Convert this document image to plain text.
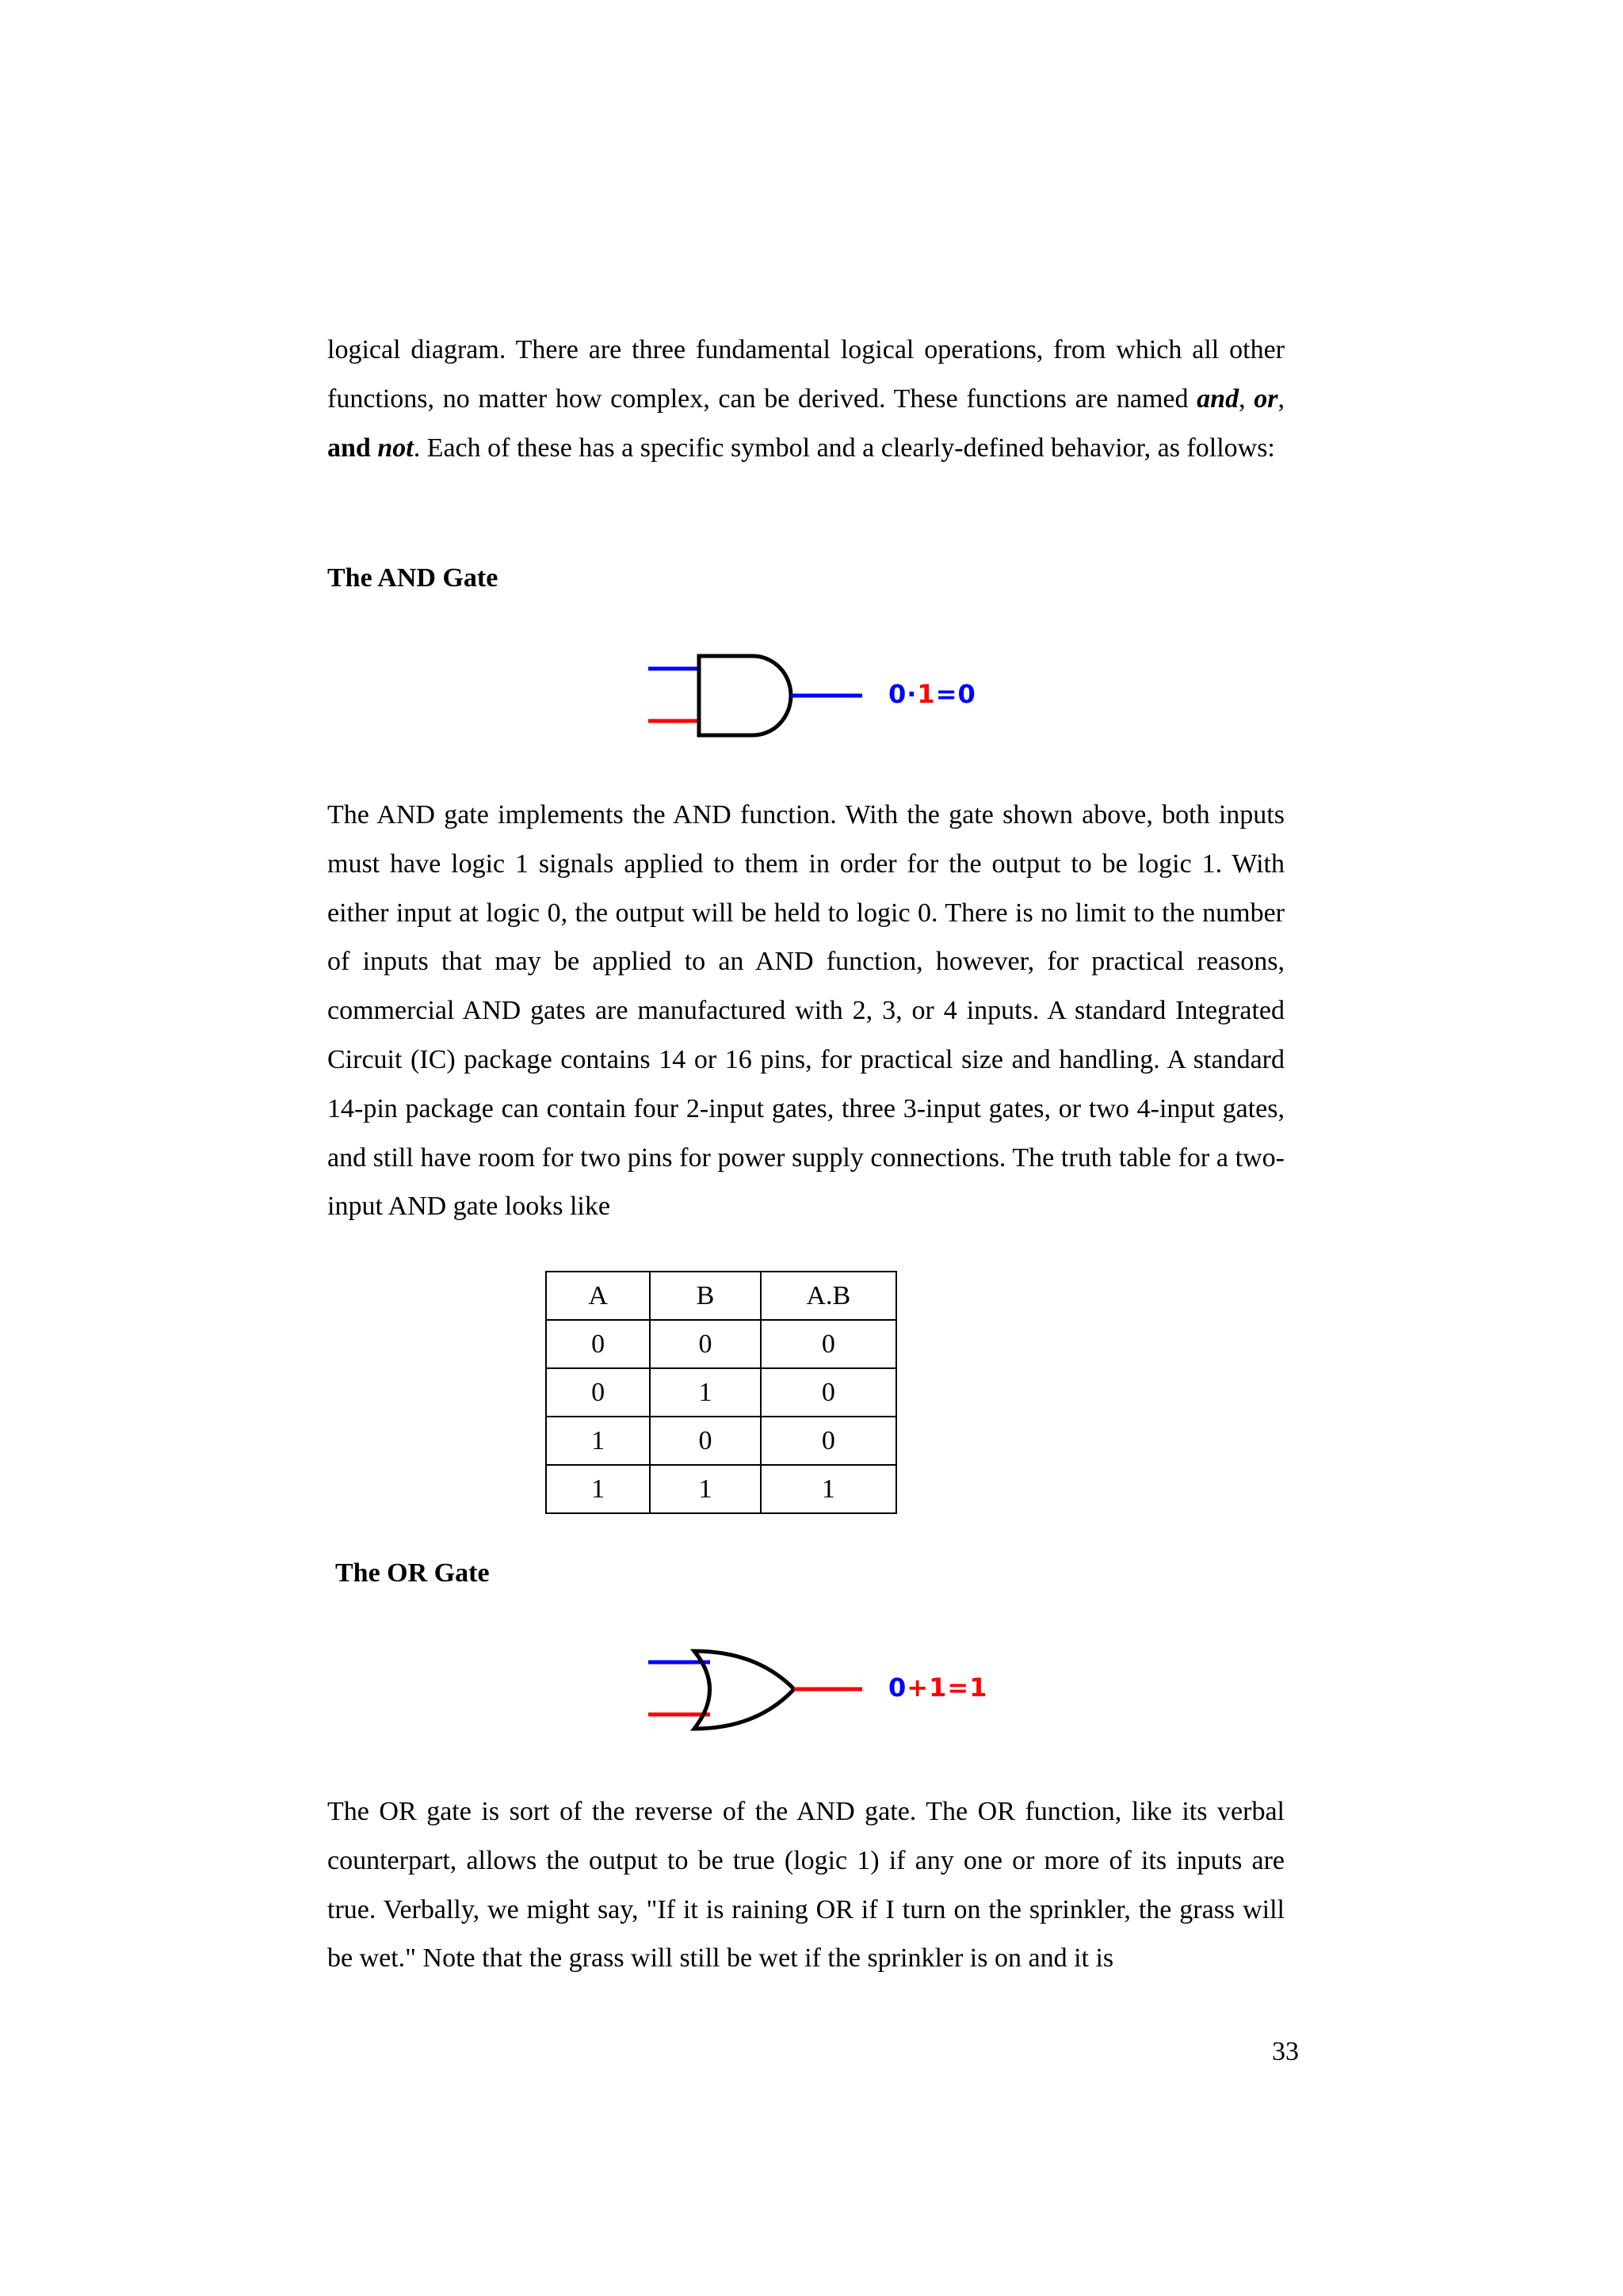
logical diagram. There are three fundamental logical operations, from which all other functions, no matter how complex, can be derived. These functions are named and, or, and not. Each of these has a specific symbol and a clearly-defined behavior, as follows:

The AND Gate
0·1=0

The AND gate implements the AND function. With the gate shown above, both inputs must have logic 1 signals applied to them in order for the output to be logic 1. With either input at logic 0, the output will be held to logic 0. There is no limit to the number of inputs that may be applied to an AND function, however, for practical reasons, commercial AND gates are manufactured with 2, 3, or 4 inputs. A standard Integrated Circuit (IC) package contains 14 or 16 pins, for practical size and handling. A standard 14-pin package can contain four 2-input gates, three 3-input gates, or two 4-input gates, and still have room for two pins for power supply connections. The truth table for a two-input AND gate looks like

A	B	A.B
0	0	0
0	1	0
1	0	0
1	1	1
The OR Gate
0+1=1

The OR gate is sort of the reverse of the AND gate. The OR function, like its verbal counterpart, allows the output to be true (logic 1) if any one or more of its inputs are true. Verbally, we might say, "If it is raining OR if I turn on the sprinkler, the grass will be wet." Note that the grass will still be wet if the sprinkler is on and it is

33
